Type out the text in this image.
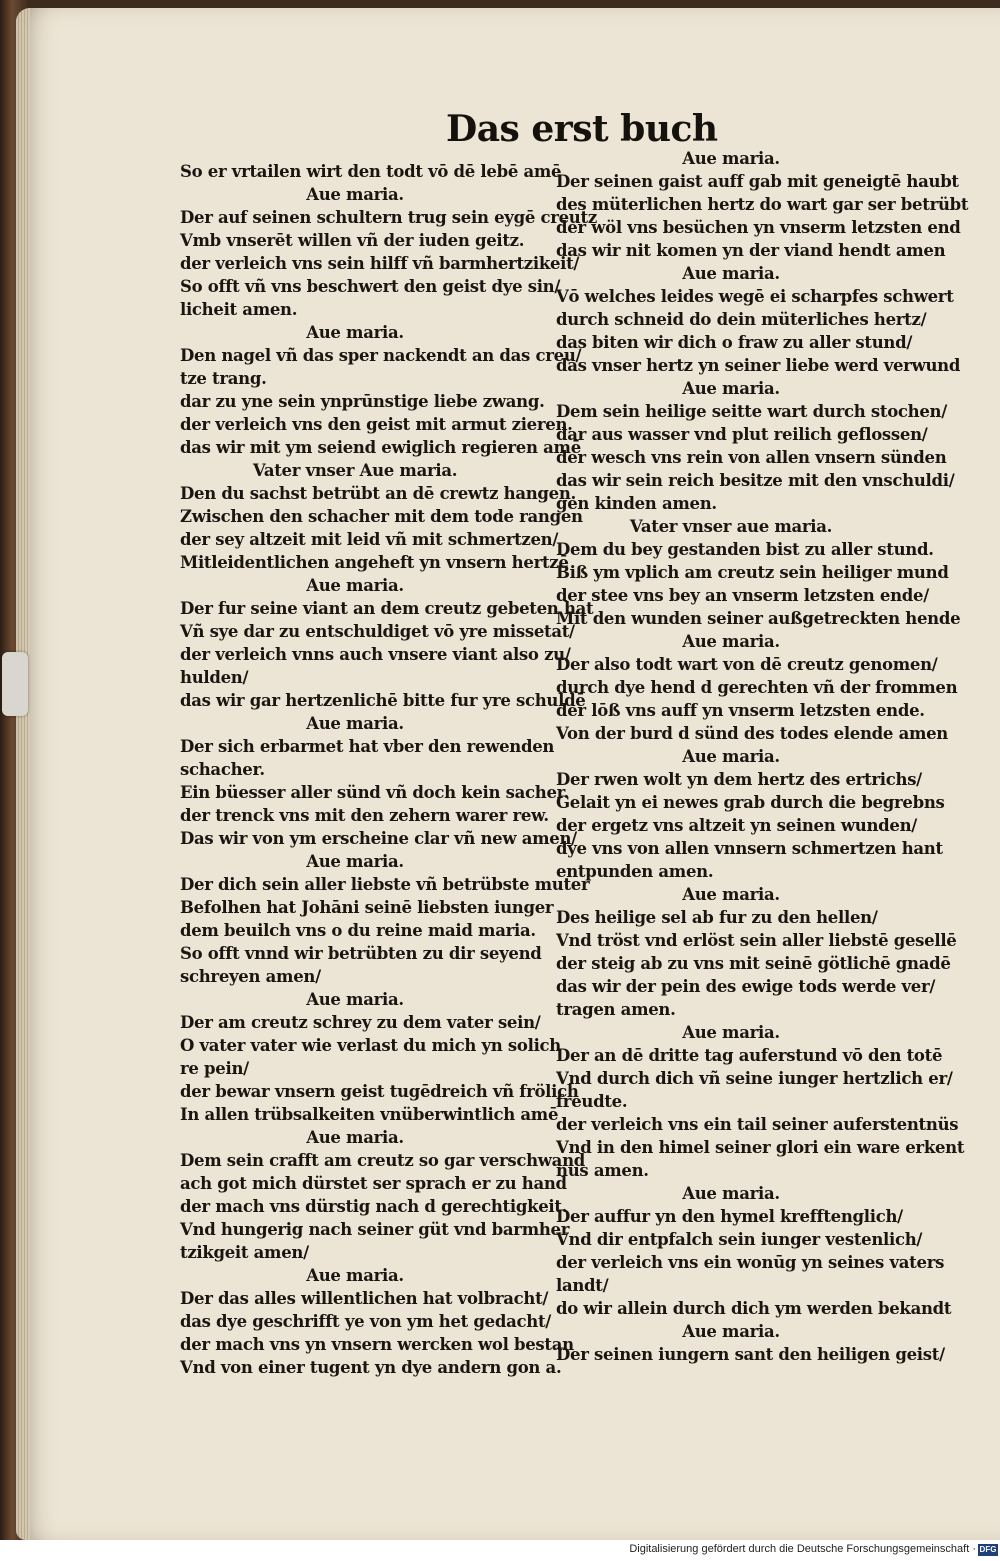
Das erst buch
So er vrtailen wirt den todt vō dē lebē amē
Aue maria.
Der auf seinen schultern trug sein eygē creutz
Vmb vnserēt willen vñ der iuden geitz.
der verleich vns sein hilff vñ barmhertzikeit/
So offt vñ vns beschwert den geist dye sin/
licheit amen.
Aue maria.
Den nagel vñ das sper nackendt an das creu/
tze trang.
dar zu yne sein ynprūnstige liebe zwang.
der verleich vns den geist mit armut zieren.
das wir mit ym seiend ewiglich regieren amē
Vater vnser Aue maria.
Den du sachst betrübt an dē crewtz hangen.
Zwischen den schacher mit dem tode rangen
der sey altzeit mit leid vñ mit schmertzen/
Mitleidentlichen angeheft yn vnsern hertzē
Aue maria.
Der fur seine viant an dem creutz gebeten hat
Vñ sye dar zu entschuldiget vō yre missetat/
der verleich vnns auch vnsere viant also zu/
hulden/
das wir gar hertzenlichē bitte fur yre schuldē
Aue maria.
Der sich erbarmet hat vber den rewenden
schacher.
Ein büesser aller sünd vñ doch kein sacher.
der trenck vns mit den zehern warer rew.
Das wir von ym erscheine clar vñ new amen/
Aue maria.
Der dich sein aller liebste vñ betrübste muter
Befolhen hat Johāni seinē liebsten iunger
dem beuilch vns o du reine maid maria.
So offt vnnd wir betrübten zu dir seyend
schreyen amen/
Aue maria.
Der am creutz schrey zu dem vater sein/
O vater vater wie verlast du mich yn solich
re pein/
der bewar vnsern geist tugēdreich vñ frölich
In allen trübsalkeiten vnüberwintlich amē
Aue maria.
Dem sein crafft am creutz so gar verschwand
ach got mich dürstet ser sprach er zu hand
der mach vns dürstig nach d gerechtigkeit.
Vnd hungerig nach seiner güt vnd barmher
tzikgeit amen/
Aue maria.
Der das alles willentlichen hat volbracht/
das dye geschrifft ye von ym het gedacht/
der mach vns yn vnsern wercken wol bestan
Vnd von einer tugent yn dye andern gon a.
Aue maria.
Der seinen gaist auff gab mit geneigtē haubt
des müterlichen hertz do wart gar ser betrübt
der wöl vns besüchen yn vnserm letzsten end
das wir nit komen yn der viand hendt amen
Aue maria.
Vō welches leides wegē ei scharpfes schwert
durch schneid do dein müterliches hertz/
das biten wir dich o fraw zu aller stund/
das vnser hertz yn seiner liebe werd verwund
Aue maria.
Dem sein heilige seitte wart durch stochen/
dar aus wasser vnd plut reilich geflossen/
der wesch vns rein von allen vnsern sünden
das wir sein reich besitze mit den vnschuldi/
gen kinden amen.
Vater vnser aue maria.
Dem du bey gestanden bist zu aller stund.
Biß ym vplich am creutz sein heiliger mund
der stee vns bey an vnserm letzsten ende/
Mit den wunden seiner außgetreckten hende
Aue maria.
Der also todt wart von dē creutz genomen/
durch dye hend d gerechten vñ der frommen
der lōß vns auff yn vnserm letzsten ende.
Von der burd d sünd des todes elende amen
Aue maria.
Der rwen wolt yn dem hertz des ertrichs/
Gelait yn ei newes grab durch die begrebns
der ergetz vns altzeit yn seinen wunden/
dye vns von allen vnnsern schmertzen hant
entpunden amen.
Aue maria.
Des heilige sel ab fur zu den hellen/
Vnd tröst vnd erlöst sein aller liebstē gesellē
der steig ab zu vns mit seinē götlichē gnadē
das wir der pein des ewige tods werde ver/
tragen amen.
Aue maria.
Der an dē dritte tag auferstund vō den totē
Vnd durch dich vñ seine iunger hertzlich er/
freudte.
der verleich vns ein tail seiner auferstentnüs
Vnd in den himel seiner glori ein ware erkent
nus amen.
Aue maria.
Der auffur yn den hymel krefftenglich/
Vnd dir entpfalch sein iunger vestenlich/
der verleich vns ein wonūg yn seines vaters
landt/
do wir allein durch dich ym werden bekandt
Aue maria.
Der seinen iungern sant den heiligen geist/
Digitalisierung gefördert durch die Deutsche Forschungsgemeinschaft · DFG
